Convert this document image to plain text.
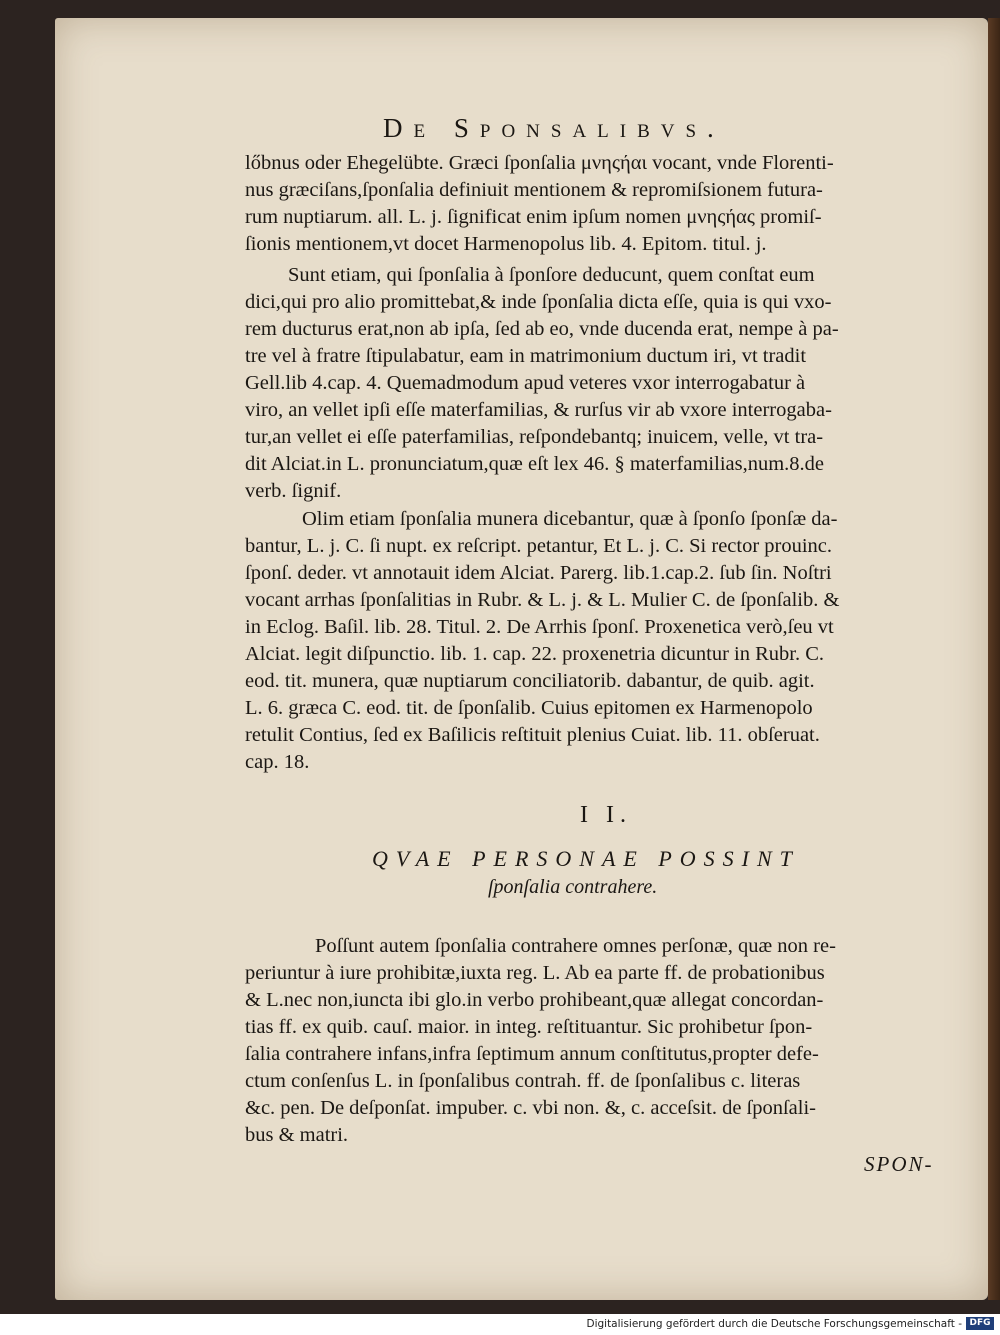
De Sponsalibvs.
lőbnus oder Ehegelübte. Græci ſponſalia μνηςήαι vocant, vnde Florenti-
nus græciſans,ſponſalia definiuit mentionem & repromiſsionem futura-
rum nuptiarum. all. L. j. ſignificat enim ipſum nomen μνηςήας promiſ-
ſionis mentionem,vt docet Harmenopolus lib. 4. Epitom. titul. j.
Sunt etiam, qui ſponſalia à ſponſore deducunt, quem conſtat eum
dici,qui pro alio promittebat,& inde ſponſalia dicta eſſe, quia is qui vxo-
rem ducturus erat,non ab ipſa, ſed ab eo, vnde ducenda erat, nempe à pa-
tre vel à fratre ſtipulabatur, eam in matrimonium ductum iri, vt tradit
Gell.lib 4.cap. 4. Quemadmodum apud veteres vxor interrogabatur à
viro, an vellet ipſi eſſe materfamilias, & rurſus vir ab vxore interrogaba-
tur,an vellet ei eſſe paterfamilias, reſpondebantq; inuicem, velle, vt tra-
dit Alciat.in L. pronunciatum,quæ eſt lex 46. § materfamilias,num.8.de
verb. ſignif.
Olim etiam ſponſalia munera dicebantur, quæ à ſponſo ſponſæ da-
bantur, L. j. C. ſi nupt. ex reſcript. petantur, Et L. j. C. Si rector prouinc.
ſponſ. deder. vt annotauit idem Alciat. Parerg. lib.1.cap.2. ſub ſin. Noſtri
vocant arrhas ſponſalitias in Rubr. & L. j. & L. Mulier C. de ſponſalib. &
in Eclog. Baſil. lib. 28. Titul. 2. De Arrhis ſponſ. Proxenetica verò,ſeu vt
Alciat. legit diſpunctio. lib. 1. cap. 22. proxenetria dicuntur in Rubr. C.
eod. tit. munera, quæ nuptiarum conciliatorib. dabantur, de quib. agit.
L. 6. græca C. eod. tit. de ſponſalib. Cuius epitomen ex Harmenopolo
retulit Contius, ſed ex Baſilicis reſtituit plenius Cuiat. lib. 11. obſeruat.
cap. 18.
I I.
QVAE PERSONAE POSSINT
ſponſalia contrahere.
Poſſunt autem ſponſalia contrahere omnes perſonæ, quæ non re-
periuntur à iure prohibitæ,iuxta reg. L. Ab ea parte ff. de probationibus
& L.nec non,iuncta ibi glo.in verbo prohibeant,quæ allegat concordan-
tias ff. ex quib. cauſ. maior. in integ. reſtituantur. Sic prohibetur ſpon-
ſalia contrahere infans,infra ſeptimum annum conſtitutus,propter defe-
ctum conſenſus L. in ſponſalibus contrah. ff. de ſponſalibus c. literas
&c. pen. De deſponſat. impuber. c. vbi non. &, c. acceſsit. de ſponſali-
bus & matri.
SPON-
Digitalisierung gefördert durch die Deutsche Forschungsgemeinschaft - DFG
